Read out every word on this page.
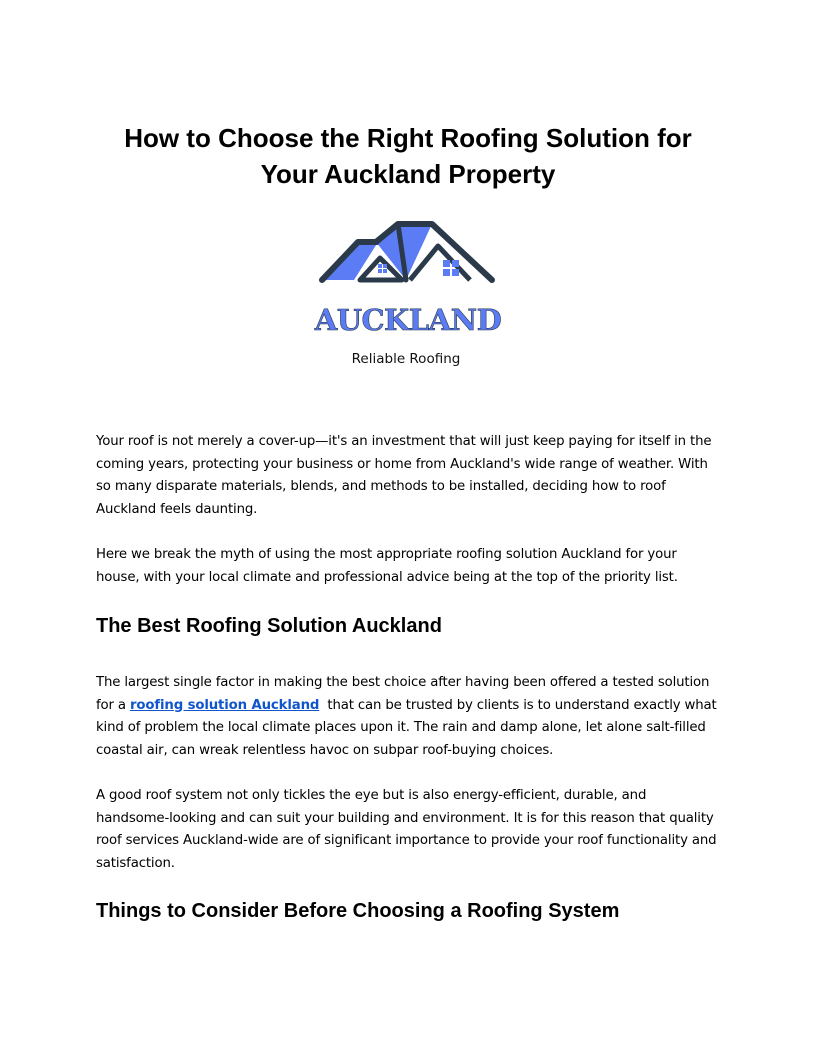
How to Choose the Right Roofing Solution for Your Auckland Property
AUCKLAND
Reliable Roofing

Your roof is not merely a cover-up—it's an investment that will just keep paying for itself in the coming years, protecting your business or home from Auckland's wide range of weather. With so many disparate materials, blends, and methods to be installed, deciding how to roof Auckland feels daunting.

Here we break the myth of using the most appropriate roofing solution Auckland for your house, with your local climate and professional advice being at the top of the priority list.

The Best Roofing Solution Auckland

The largest single factor in making the best choice after having been offered a tested solution for a roofing solution Auckland  that can be trusted by clients is to understand exactly what kind of problem the local climate places upon it. The rain and damp alone, let alone salt-filled coastal air, can wreak relentless havoc on subpar roof-buying choices.

A good roof system not only tickles the eye but is also energy-efficient, durable, and handsome-looking and can suit your building and environment. It is for this reason that quality roof services Auckland-wide are of significant importance to provide your roof functionality and satisfaction.

Things to Consider Before Choosing a Roofing System
